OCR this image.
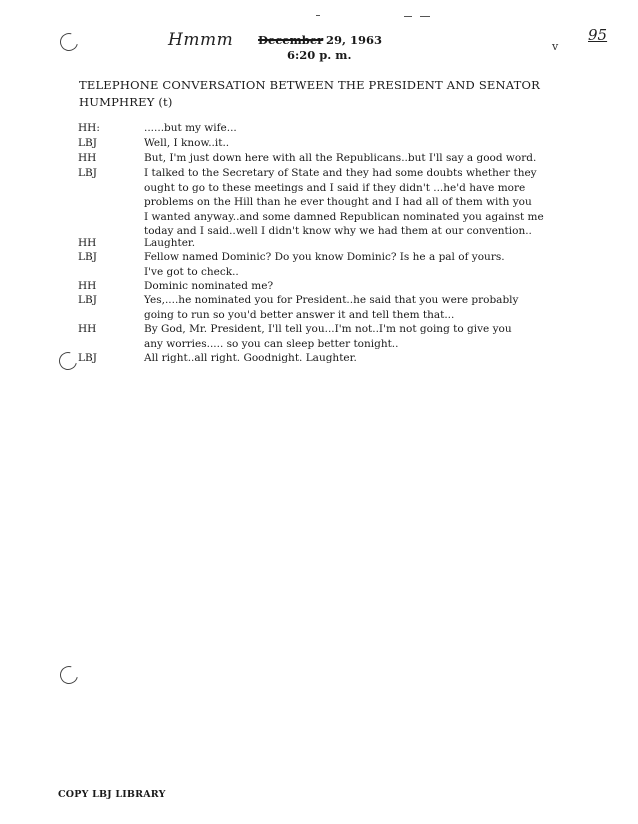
Hmmm December 29, 1963
6:20 p. m.
v
95
TELEPHONE CONVERSATION BETWEEN THE PRESIDENT AND SENATOR
HUMPHREY (t)
HH:	......but my wife...
LBJ	Well, I know..it..
HH	But, I'm just down here with all the Republicans..but I'll say a good word.
LBJ	I talked to the Secretary of State and they had some doubts whether they
ought to go to these meetings and I said if they didn't ...he'd have more
problems on the Hill than he ever thought and I had all of them with you
I wanted anyway..and some damned Republican nominated you against me
today and I said..well I didn't know why we had them at our convention..
HH	Laughter.
LBJ	Fellow named Dominic? Do you know Dominic? Is he a pal of yours.
I've got to check..
HH	Dominic nominated me?
LBJ	Yes,....he nominated you for President..he said that you were probably
going to run so you'd better answer it and tell them that...
HH	By God, Mr. President, I'll tell you...I'm not..I'm not going to give you
any worries..... so you can sleep better tonight..
LBJ	All right..all right. Goodnight. Laughter.
COPY LBJ LIBRARY
